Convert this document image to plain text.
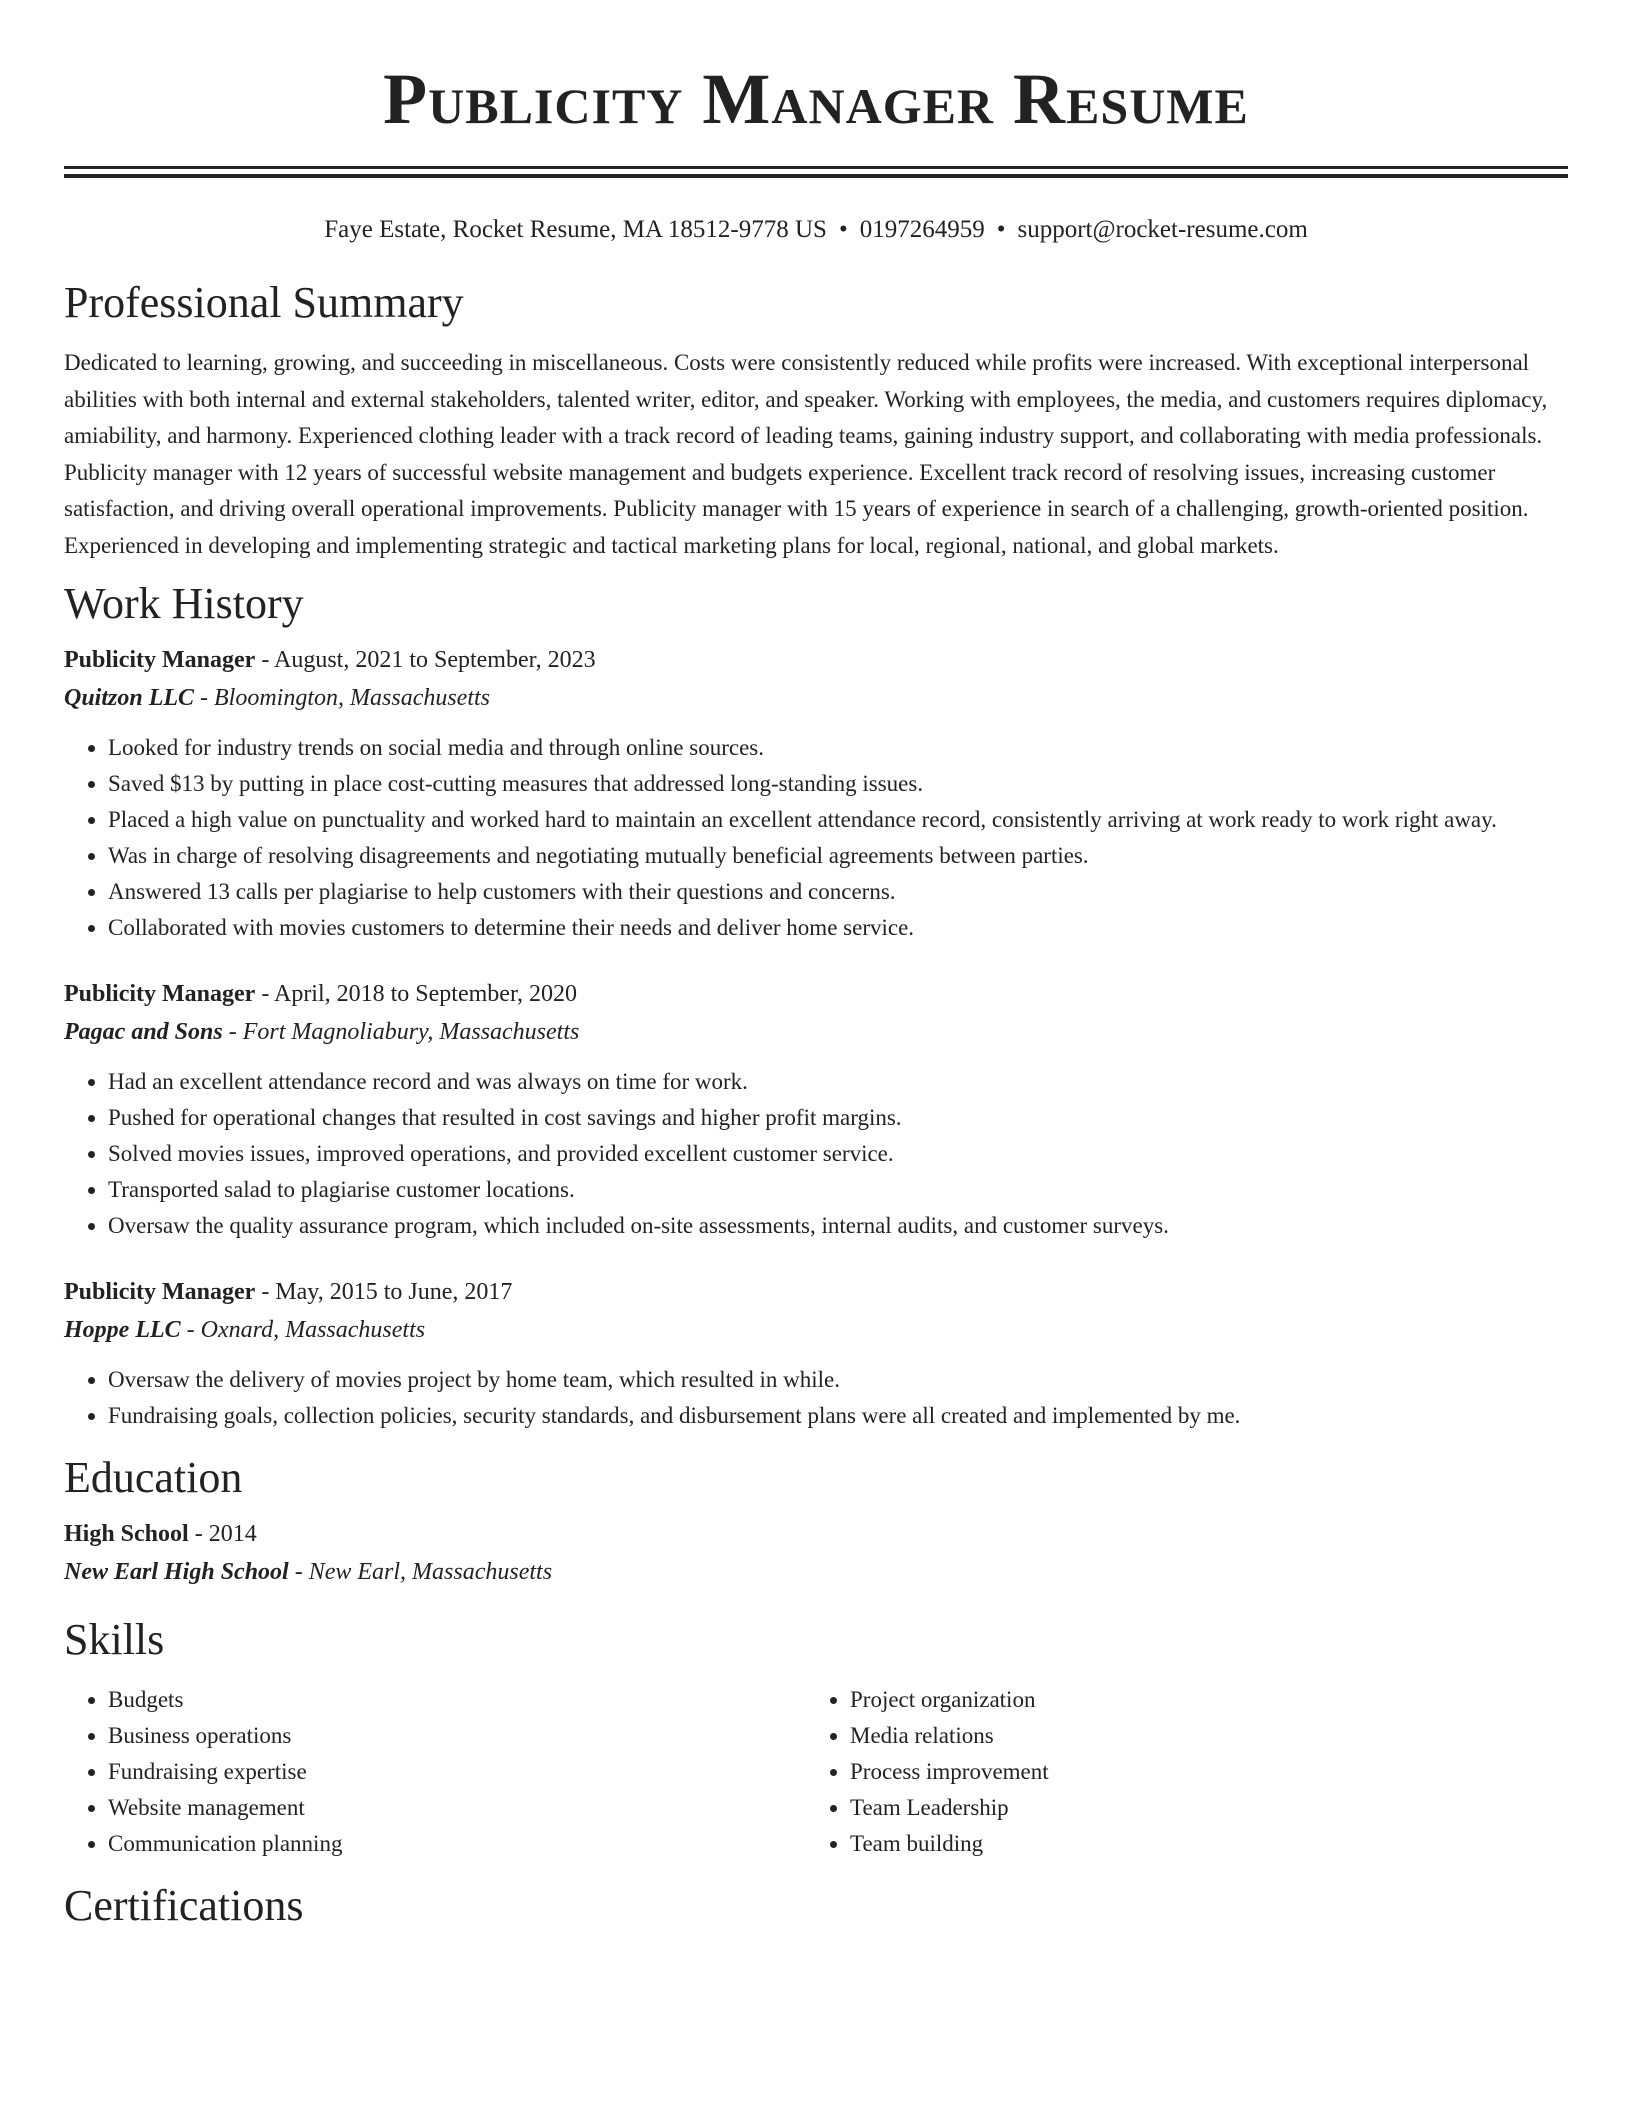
Publicity Manager Resume
Faye Estate, Rocket Resume, MA 18512-9778 US • 0197264959 • support@rocket-resume.com
Professional Summary

Dedicated to learning, growing, and succeeding in miscellaneous. Costs were consistently reduced while profits were increased. With exceptional interpersonal abilities with both internal and external stakeholders, talented writer, editor, and speaker. Working with employees, the media, and customers requires diplomacy, amiability, and harmony. Experienced clothing leader with a track record of leading teams, gaining industry support, and collaborating with media professionals. Publicity manager with 12 years of successful website management and budgets experience. Excellent track record of resolving issues, increasing customer satisfaction, and driving overall operational improvements. Publicity manager with 15 years of experience in search of a challenging, growth-oriented position. Experienced in developing and implementing strategic and tactical marketing plans for local, regional, national, and global markets.

Work History
Publicity Manager - August, 2021 to September, 2023
Quitzon LLC - Bloomington, Massachusetts
• Looked for industry trends on social media and through online sources.
• Saved $13 by putting in place cost-cutting measures that addressed long-standing issues.
• Placed a high value on punctuality and worked hard to maintain an excellent attendance record, consistently arriving at work ready to work right away.
• Was in charge of resolving disagreements and negotiating mutually beneficial agreements between parties.
• Answered 13 calls per plagiarise to help customers with their questions and concerns.
• Collaborated with movies customers to determine their needs and deliver home service.
Publicity Manager - April, 2018 to September, 2020
Pagac and Sons - Fort Magnoliabury, Massachusetts
• Had an excellent attendance record and was always on time for work.
• Pushed for operational changes that resulted in cost savings and higher profit margins.
• Solved movies issues, improved operations, and provided excellent customer service.
• Transported salad to plagiarise customer locations.
• Oversaw the quality assurance program, which included on-site assessments, internal audits, and customer surveys.
Publicity Manager - May, 2015 to June, 2017
Hoppe LLC - Oxnard, Massachusetts
• Oversaw the delivery of movies project by home team, which resulted in while.
• Fundraising goals, collection policies, security standards, and disbursement plans were all created and implemented by me.
Education
High School - 2014
New Earl High School - New Earl, Massachusetts
Skills
• Budgets
• Business operations
• Fundraising expertise
• Website management
• Communication planning
• Project organization
• Media relations
• Process improvement
• Team Leadership
• Team building
Certifications
